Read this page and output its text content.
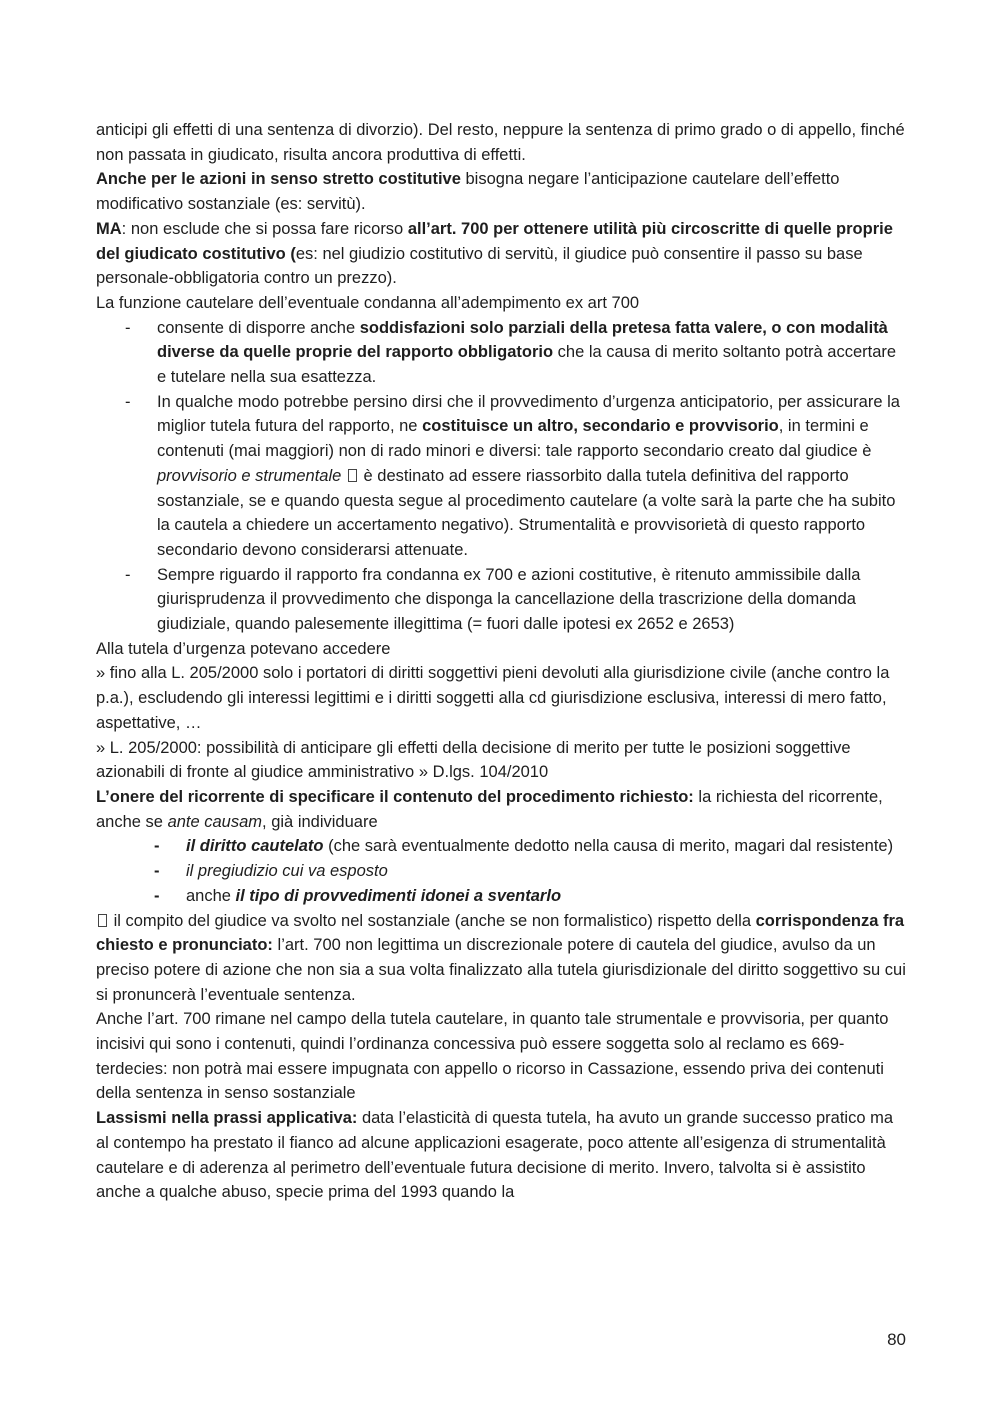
anticipi gli effetti di una sentenza di divorzio). Del resto, neppure la sentenza di primo grado o di appello, finché non passata in giudicato, risulta ancora produttiva di effetti.

Anche per le azioni in senso stretto costitutive bisogna negare l’anticipazione cautelare dell’effetto modificativo sostanziale (es: servitù).

MA: non esclude che si possa fare ricorso all’art. 700 per ottenere utilità più circoscritte di quelle proprie del giudicato costitutivo (es: nel giudizio costitutivo di servitù, il giudice può consentire il passo su base personale-obbligatoria contro un prezzo).

La funzione cautelare dell’eventuale condanna all’adempimento ex art 700

- consente di disporre anche soddisfazioni solo parziali della pretesa fatta valere, o con modalità diverse da quelle proprie del rapporto obbligatorio che la causa di merito soltanto potrà accertare e tutelare nella sua esattezza.
- In qualche modo potrebbe persino dirsi che il provvedimento d’urgenza anticipatorio, per assicurare la miglior tutela futura del rapporto, ne costituisce un altro, secondario e provvisorio, in termini e contenuti (mai maggiori) non di rado minori e diversi: tale rapporto secondario creato dal giudice è provvisorio e strumentale  è destinato ad essere riassorbito dalla tutela definitiva del rapporto sostanziale, se e quando questa segue al procedimento cautelare (a volte sarà la parte che ha subito la cautela a chiedere un accertamento negativo). Strumentalità e provvisorietà di questo rapporto secondario devono considerarsi attenuate.
- Sempre riguardo il rapporto fra condanna ex 700 e azioni costitutive, è ritenuto ammissibile dalla giurisprudenza il provvedimento che disponga la cancellazione della trascrizione della domanda giudiziale, quando palesemente illegittima (= fuori dalle ipotesi ex 2652 e 2653)

Alla tutela d’urgenza potevano accedere

» fino alla L. 205/2000 solo i portatori di diritti soggettivi pieni devoluti alla giurisdizione civile (anche contro la p.a.), escludendo gli interessi legittimi e i diritti soggetti alla cd giurisdizione esclusiva, interessi di mero fatto, aspettative, …

» L. 205/2000: possibilità di anticipare gli effetti della decisione di merito per tutte le posizioni soggettive azionabili di fronte al giudice amministrativo » D.lgs. 104/2010

L’onere del ricorrente di specificare il contenuto del procedimento richiesto: la richiesta del ricorrente, anche se ante causam, già individuare

- il diritto cautelato (che sarà eventualmente dedotto nella causa di merito, magari dal resistente)
- il pregiudizio cui va esposto
- anche il tipo di provvedimenti idonei a sventarlo

il compito del giudice va svolto nel sostanziale (anche se non formalistico) rispetto della corrispondenza fra chiesto e pronunciato: l’art. 700 non legittima un discrezionale potere di cautela del giudice, avulso da un preciso potere di azione che non sia a sua volta finalizzato alla tutela giurisdizionale del diritto soggettivo su cui si pronuncerà l’eventuale sentenza.

Anche l’art. 700 rimane nel campo della tutela cautelare, in quanto tale strumentale e provvisoria, per quanto incisivi qui sono i contenuti, quindi l’ordinanza concessiva può essere soggetta solo al reclamo es 669-terdecies: non potrà mai essere impugnata con appello o ricorso in Cassazione, essendo priva dei contenuti della sentenza in senso sostanziale

Lassismi nella prassi applicativa: data l’elasticità di questa tutela, ha avuto un grande successo pratico ma al contempo ha prestato il fianco ad alcune applicazioni esagerate, poco attente all’esigenza di strumentalità cautelare e di aderenza al perimetro dell’eventuale futura decisione di merito. Invero, talvolta si è assistito anche a qualche abuso, specie prima del 1993 quando la

80
